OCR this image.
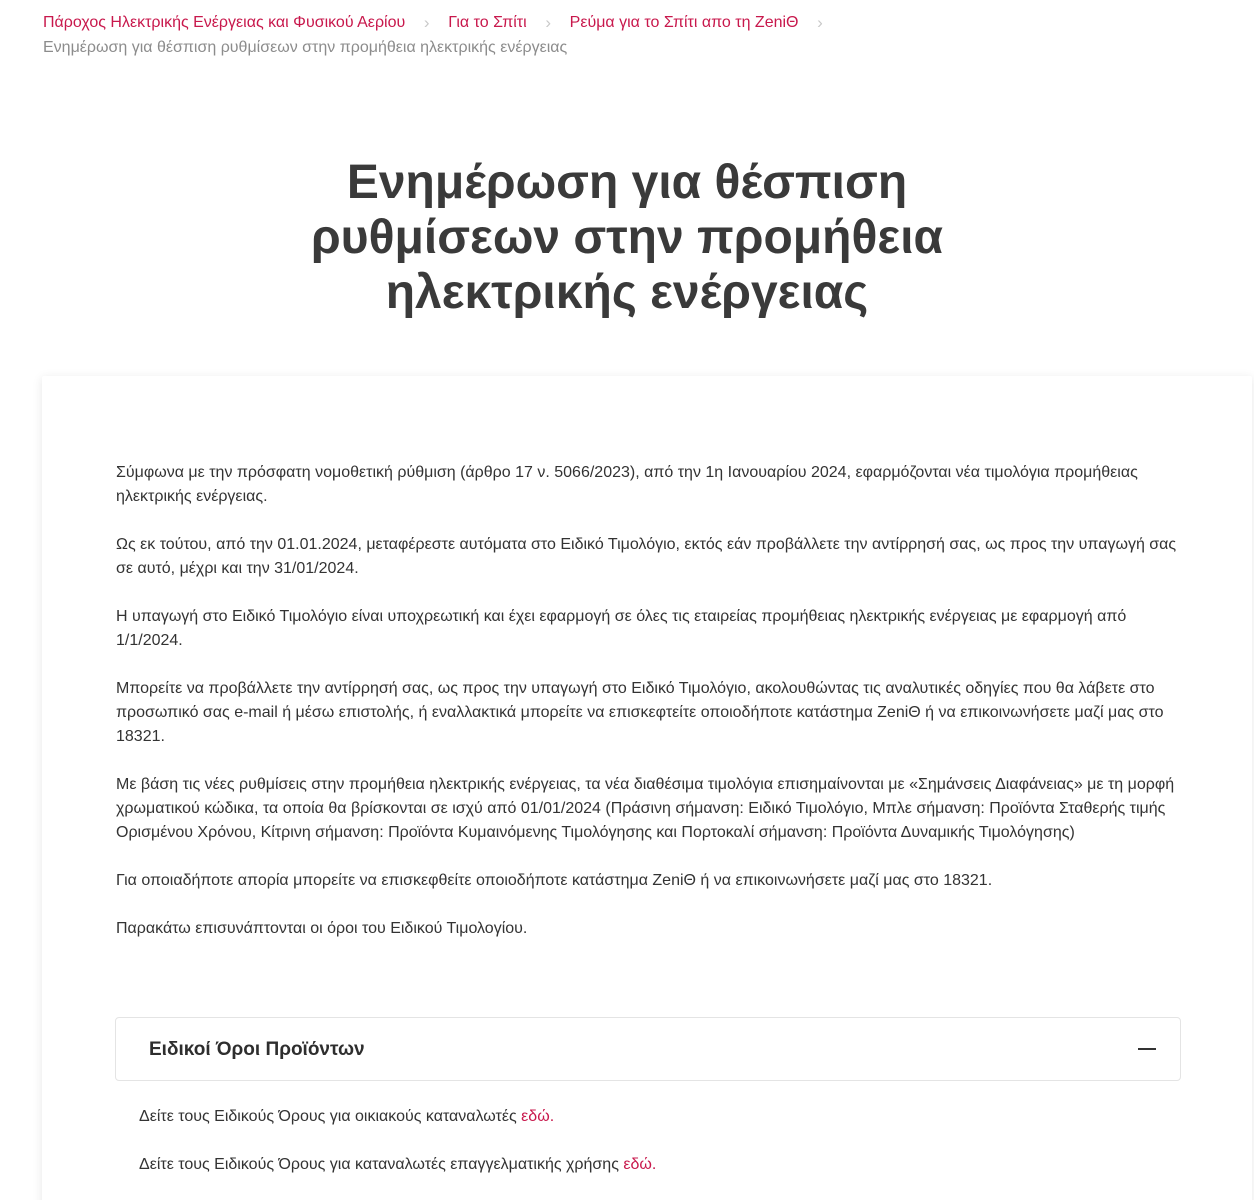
Πάροχος Ηλεκτρικής Ενέργειας και Φυσικού Αερίου	›	Για το Σπίτι	›	Ρεύμα για το Σπίτι απο τη ZeniΘ	›
Ενημέρωση για θέσπιση ρυθμίσεων στην προμήθεια ηλεκτρικής ενέργειας
Ενημέρωση για θέσπιση
ρυθμίσεων στην προμήθεια
ηλεκτρικής ενέργειας

Σύμφωνα με την πρόσφατη νομοθετική ρύθμιση (άρθρο 17 ν. 5066/2023), από την 1η Ιανουαρίου 2024, εφαρμόζονται νέα τιμολόγια προμήθειας ηλεκτρικής ενέργειας.

Ως εκ τούτου, από την 01.01.2024, μεταφέρεστε αυτόματα στο Ειδικό Τιμολόγιο, εκτός εάν προβάλλετε την αντίρρησή σας, ως προς την υπαγωγή σας σε αυτό, μέχρι και την 31/01/2024.

Η υπαγωγή στο Ειδικό Τιμολόγιο είναι υποχρεωτική και έχει εφαρμογή σε όλες τις εταιρείας προμήθειας ηλεκτρικής ενέργειας με εφαρμογή από 1/1/2024.

Μπορείτε να προβάλλετε την αντίρρησή σας, ως προς την υπαγωγή στο Ειδικό Τιμολόγιο, ακολουθώντας τις αναλυτικές οδηγίες που θα λάβετε στο προσωπικό σας e-mail ή μέσω επιστολής, ή εναλλακτικά μπορείτε να επισκεφτείτε οποιοδήποτε κατάστημα ZeniΘ ή να επικοινωνήσετε μαζί μας στο 18321.

Με βάση τις νέες ρυθμίσεις στην προμήθεια ηλεκτρικής ενέργειας, τα νέα διαθέσιμα τιμολόγια επισημαίνονται με «Σημάνσεις Διαφάνειας» με τη μορφή χρωματικού κώδικα, τα οποία θα βρίσκονται σε ισχύ από 01/01/2024 (Πράσινη σήμανση: Ειδικό Τιμολόγιο, Μπλε σήμανση: Προϊόντα Σταθερής τιμής Ορισμένου Χρόνου, Κίτρινη σήμανση: Προϊόντα Κυμαινόμενης Τιμολόγησης και Πορτοκαλί σήμανση: Προϊόντα Δυναμικής Τιμολόγησης)

Για οποιαδήποτε απορία μπορείτε να επισκεφθείτε οποιοδήποτε κατάστημα ZeniΘ ή να επικοινωνήσετε μαζί μας στο 18321.

Παρακάτω επισυνάπτονται οι όροι του Ειδικού Τιμολογίου.

Ειδικοί Όροι Προϊόντων

Δείτε τους Ειδικούς Όρους για οικιακούς καταναλωτές εδώ.

Δείτε τους Ειδικούς Όρους για καταναλωτές επαγγελματικής χρήσης εδώ.
